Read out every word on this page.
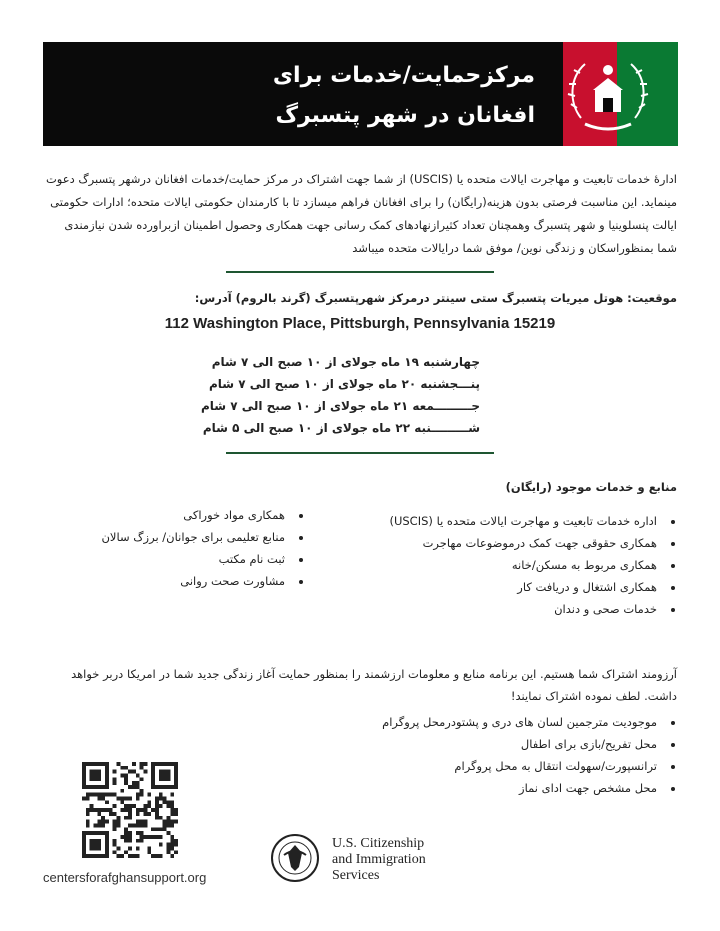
مرکزحمایت/خدمات برای
افغانان در شهر پتسبرگ

ادارۀ خدمات تابعیت و مهاجرت ایالات متحده یا (USCIS) از شما جهت اشتراک در مرکز حمایت/خدمات افغانان درشهر پتسبرگ دعوت مینماید. این مناسبت فرصتی بدون هزینه(رایگان) را برای افغانان فراهم میسازد تا با کارمندان حکومتی ایالات متحده؛ ادارات حکومتی ایالت پنسلوینیا و شهر پتسبرگ وهمچنان تعداد کثیرازنهادهای کمک رسانی جهت همکاری وحصول اطمینان ازبراورده شدن نیازمندی شما بمنظوراسکان و زندگی نوین/ موفق شما درایالات متحده میباشد

موقعیت: هوتل میریات پتسبرگ ستی سینتر درمرکز شهرپتسبرگ (گرند بالروم) آدرس:
112 Washington Place, Pittsburgh, Pennsylvania 15219
چهارشنبه ۱۹ ماه جولای از ۱۰ صبح الی ۷ شام
پنـــجشنبه ۲۰ ماه جولای از ۱۰ صبح الی ۷ شام
جـــــــــمعه ۲۱ ماه جولای از ۱۰ صبح الی ۷ شام
شـــــــــنبه ۲۲ ماه جولای از ۱۰ صبح الی ۵ شام
منابع و خدمات موجود (رایگان)
• اداره خدمات تابعیت و مهاجرت ایالات متحده یا (USCIS)
• همکاری حقوقی جهت کمک درموضوعات مهاجرت
• همکاری مربوط به مسکن/خانه
• همکاری اشتغال و دریافت کار
• خدمات صحی و دندان
• همکاری مواد خوراکی
• منابع تعلیمی برای جوانان/ برزگ سالان
• ثبت نام مکتب
• مشاورت صحت روانی

آرزومند اشتراک شما هستیم. این برنامه منابع و معلومات ارزشمند را بمنظور حمایت آغاز زندگی جدید شما در امریکا دربر خواهد داشت. لطف نموده اشتراک نمایند!

• موجودیت مترجمین لسان های دری و پشتودرمحل پروگرام
• محل تفریح/بازی برای اطفال
• ترانسپورت/سهولت انتقال به محل پروگرام
• محل مشخص جهت ادای نماز
centersforafghansupport.org
U.S. Citizenship
and Immigration
Services
